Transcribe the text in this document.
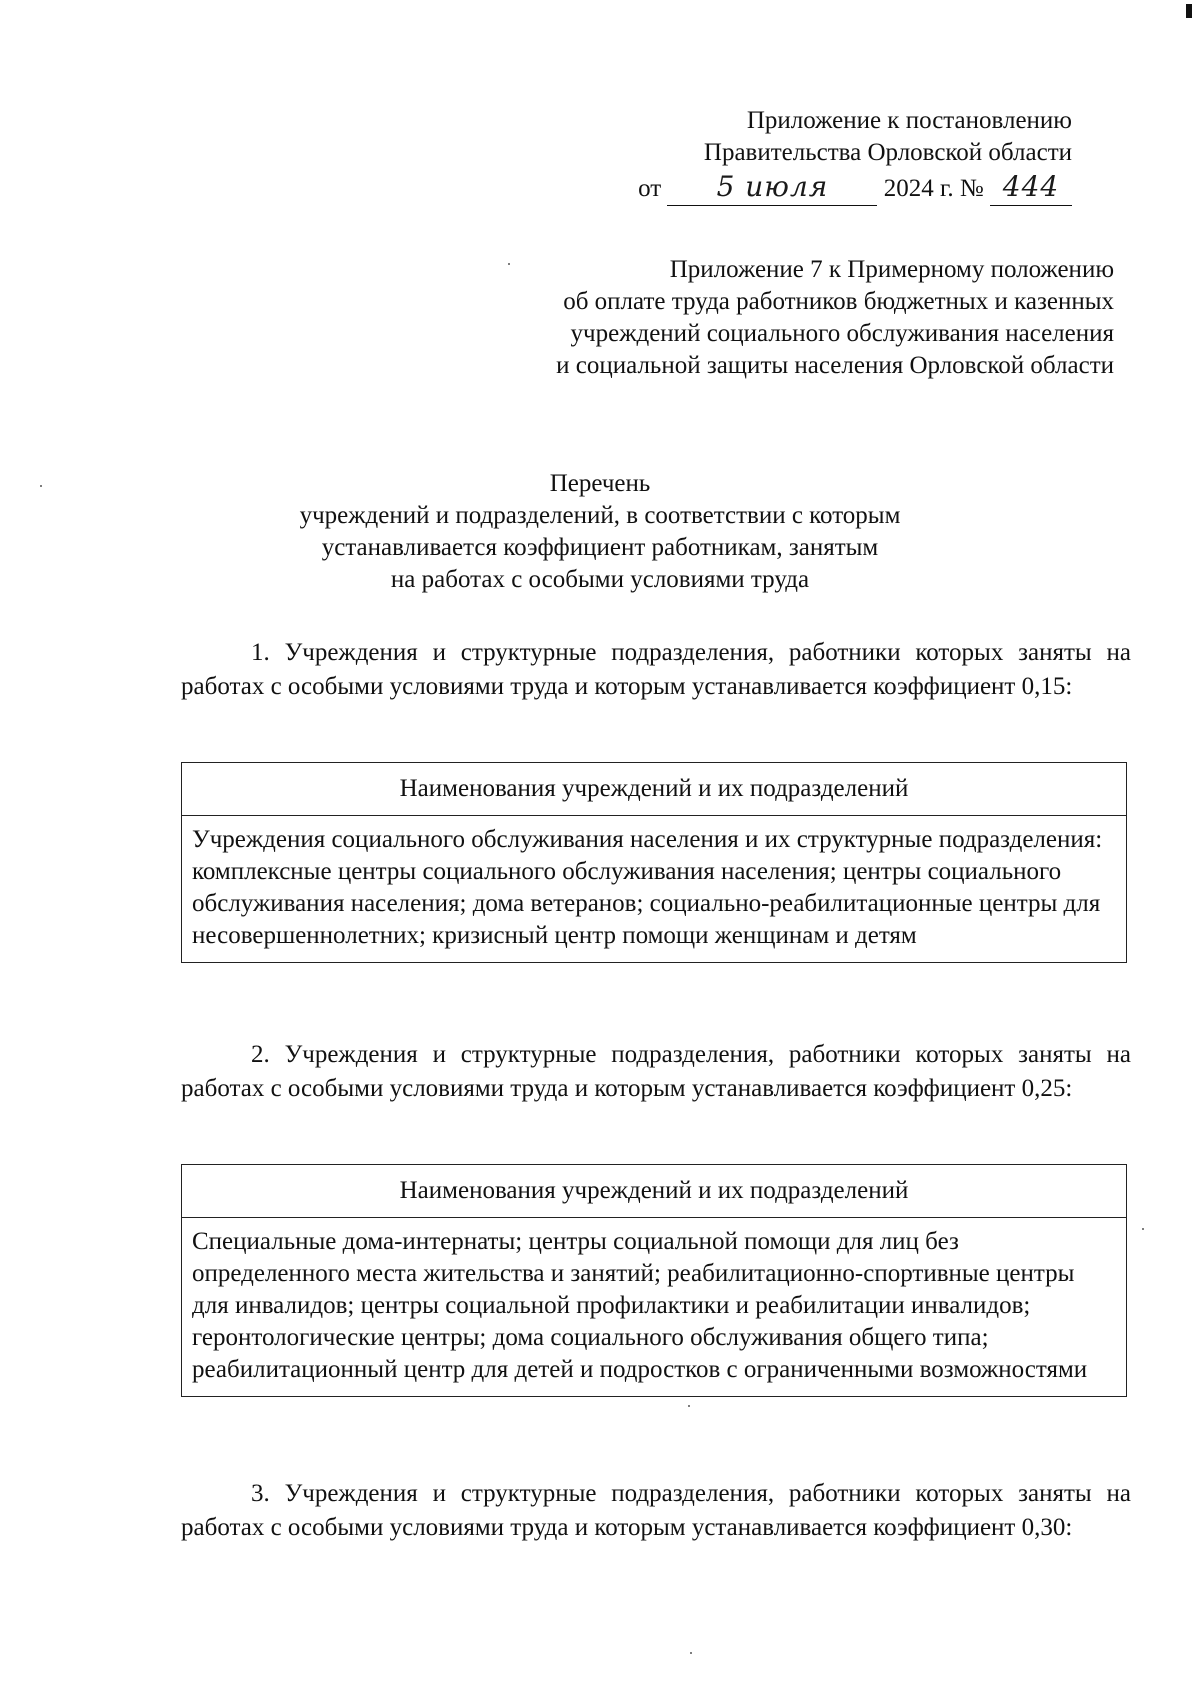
Приложение к постановлению
Правительства Орловской области
от 5 июля 2024 г. № 444
Приложение 7 к Примерному положению
об оплате труда работников бюджетных и казенных
учреждений социального обслуживания населения
и социальной защиты населения Орловской области
Перечень
учреждений и подразделений, в соответствии с которым
устанавливается коэффициент работникам, занятым
на работах с особыми условиями труда
1. Учреждения и структурные подразделения, работники которых заняты на работах с особыми условиями труда и которым устанавливается коэффициент 0,15:
Наименования учреждений и их подразделений
Учреждения социального обслуживания населения и их структурные подразделения: комплексные центры социального обслуживания населения; центры социального обслуживания населения; дома ветеранов; социально-реабилитационные центры для несовершеннолетних; кризисный центр помощи женщинам и детям
2. Учреждения и структурные подразделения, работники которых заняты на работах с особыми условиями труда и которым устанавливается коэффициент 0,25:
Наименования учреждений и их подразделений
Специальные дома-интернаты; центры социальной помощи для лиц без определенного места жительства и занятий; реабилитационно-спортивные центры для инвалидов; центры социальной профилактики и реабилитации инвалидов; геронтологические центры; дома социального обслуживания общего типа; реабилитационный центр для детей и подростков с ограниченными возможностями
3. Учреждения и структурные подразделения, работники которых заняты на работах с особыми условиями труда и которым устанавливается коэффициент 0,30:
